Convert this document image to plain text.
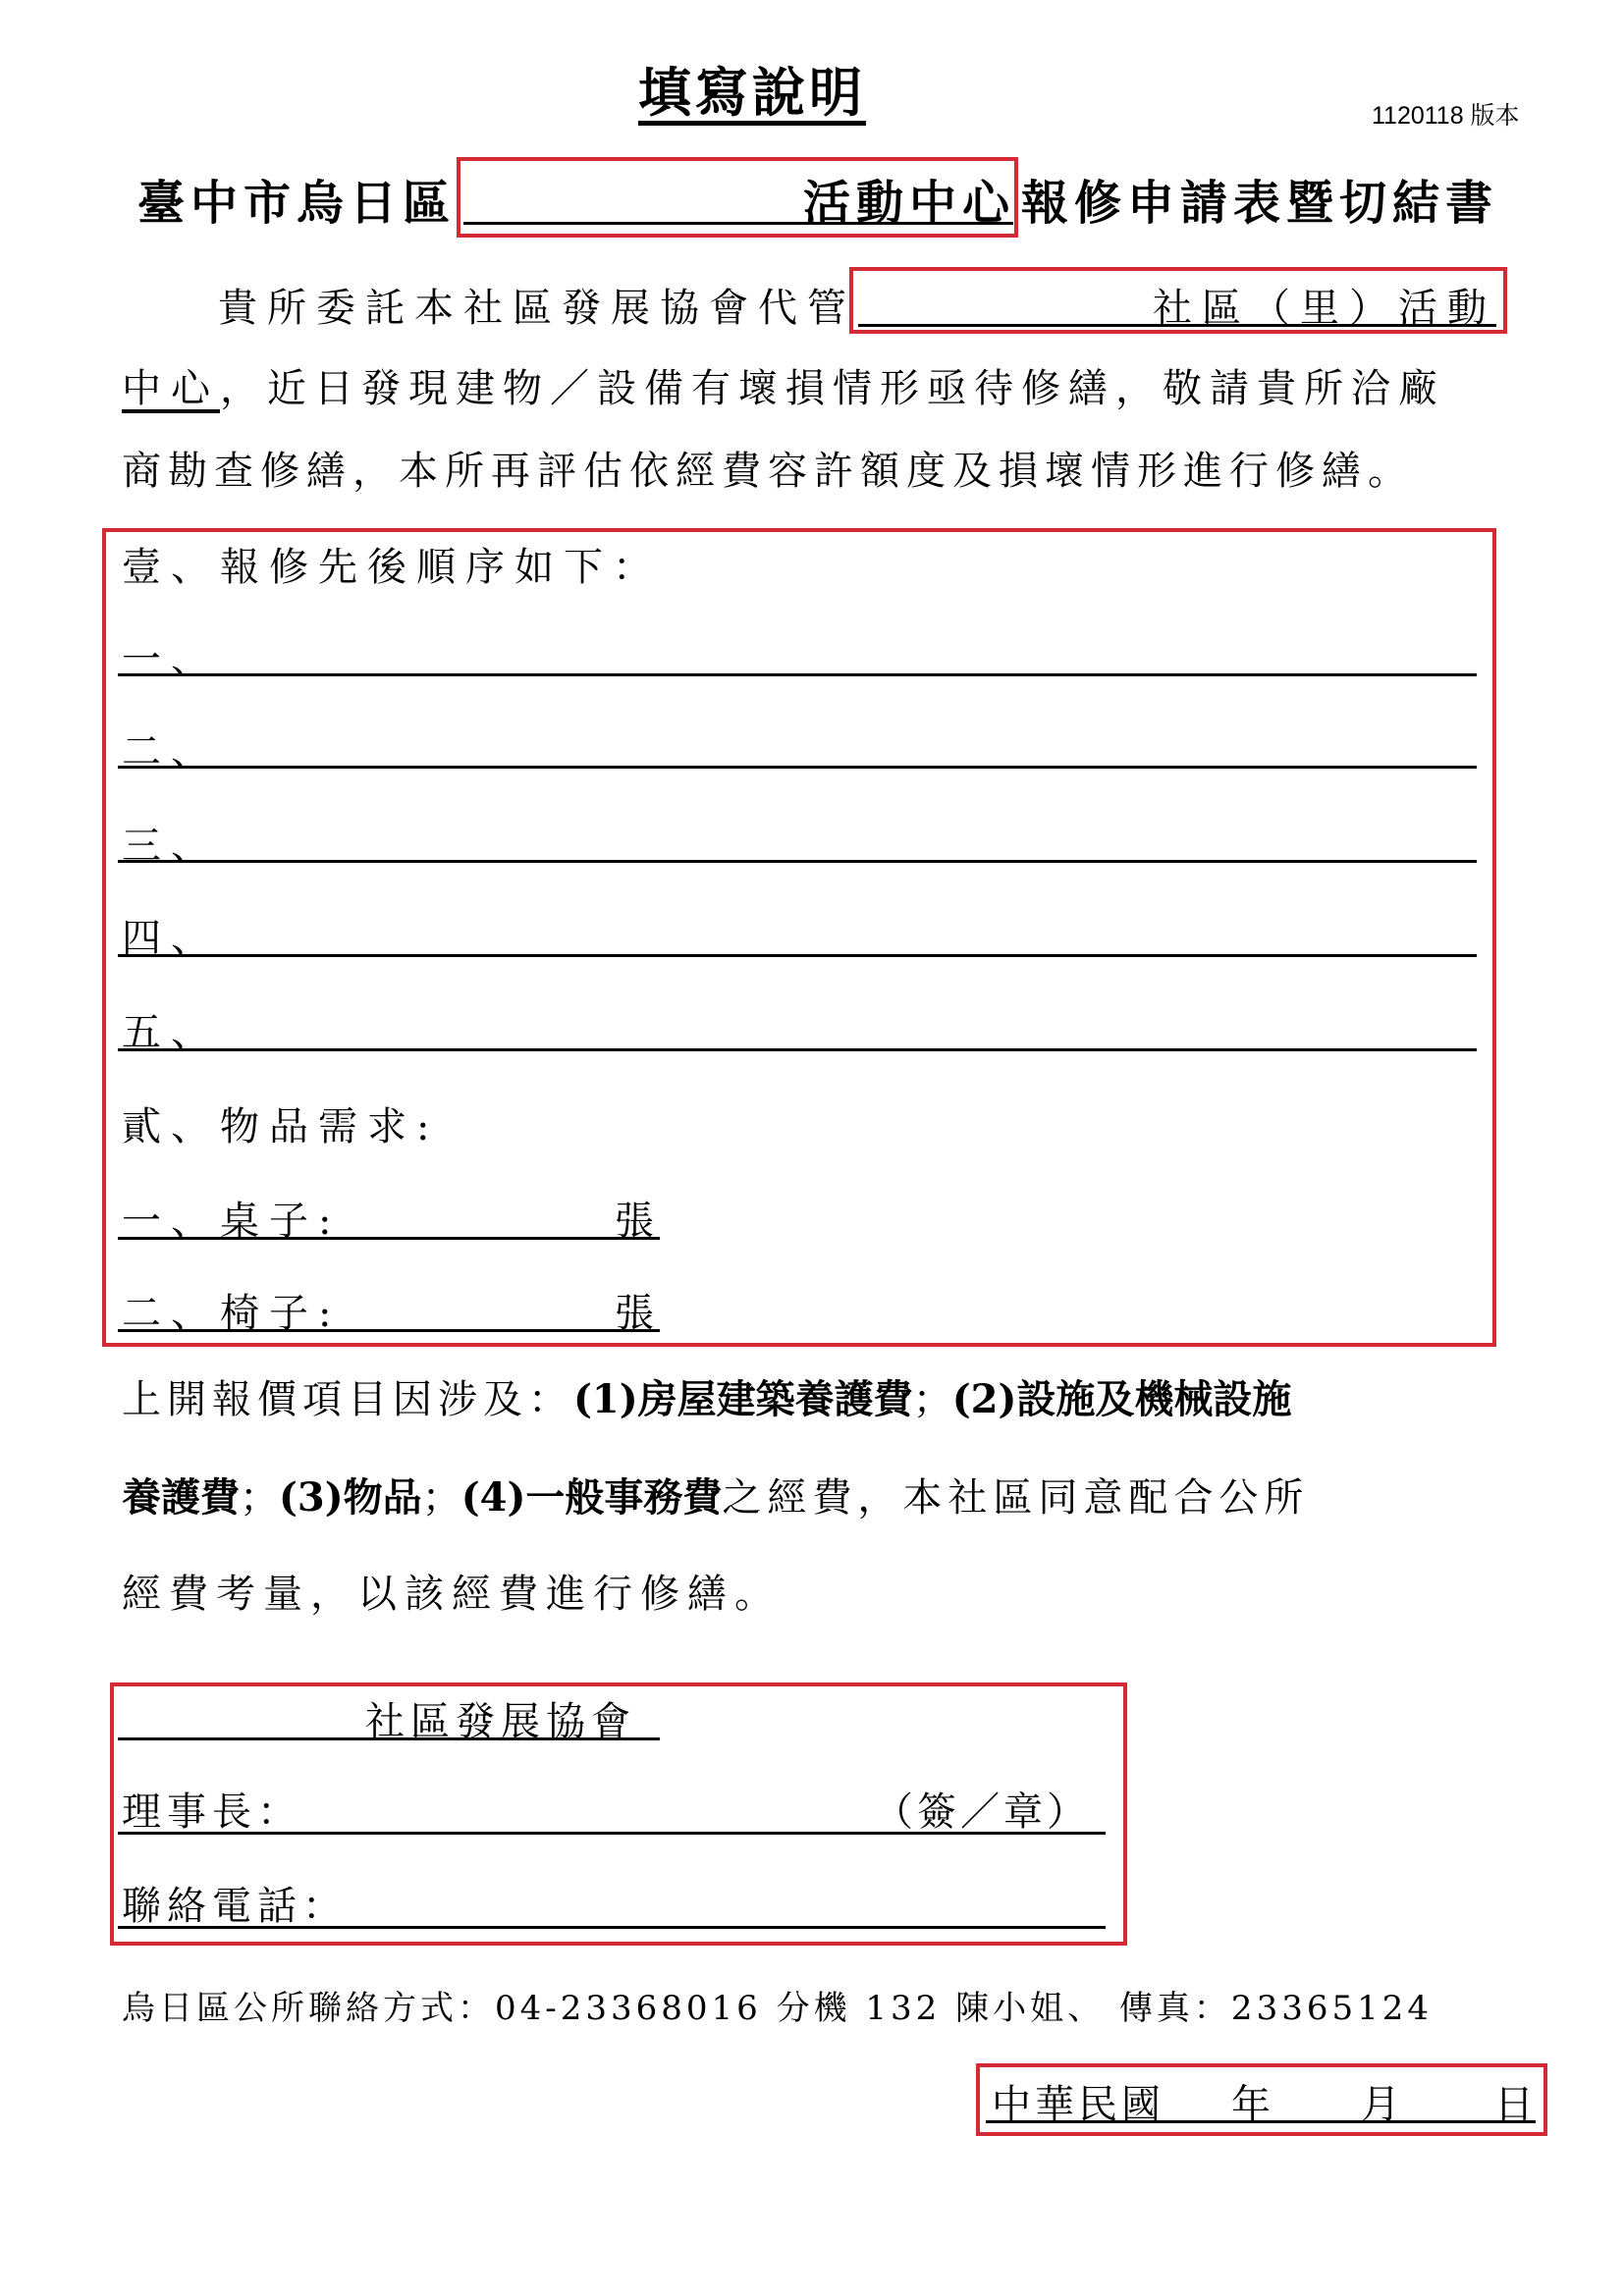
填寫說明	1120118 版本
臺中市烏日區	活動中心 報修申請表暨切結書
貴所委託本社區發展協會代管	社區（里）活動
中心 ，近日發現建物／設備有壞損情形亟待修繕，敬請貴所洽廠
商勘查修繕，本所再評估依經費容許額度及損壞情形進行修繕。
壹、報修先後順序如下：
一、
二、
三、
四、
五、
貳、物品需求:
一、桌子:	張
二、椅子:	張
上開報價項目因涉及：(1)房屋建築養護費；(2)設施及機械設施
養護費；(3)物品；(4)一般事務費之經費，本社區同意配合公所
經費考量，以該經費進行修繕。
社區發展協會
理事長：	（簽／章）
聯絡電話：
烏日區公所聯絡方式：04-23368016 分機 132 陳小姐、 傳真：23365124
中華民國 年 月 日
